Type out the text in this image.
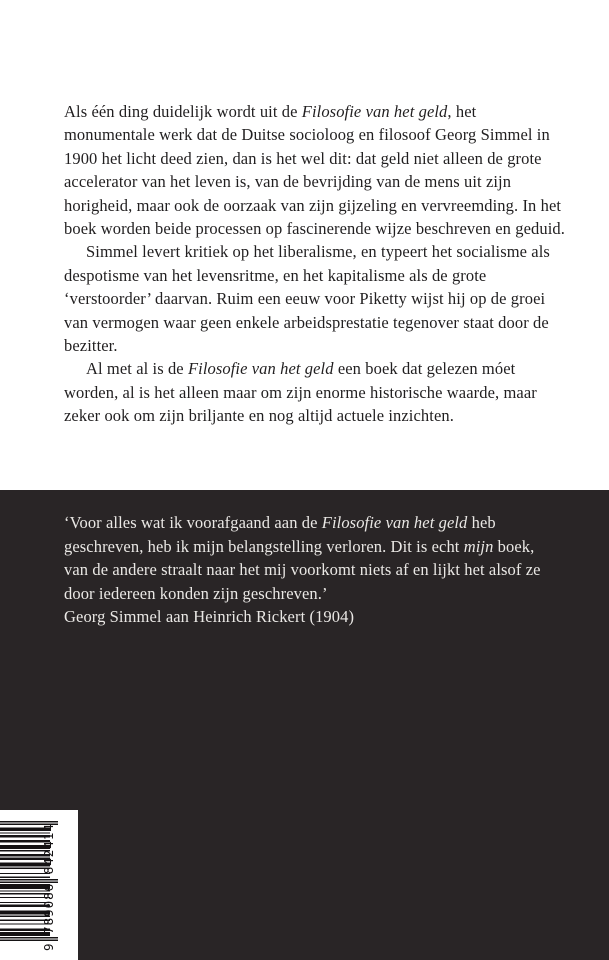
Als één ding duidelijk wordt uit de Filosofie van het geld, het monumentale werk dat de Duitse socioloog en filosoof Georg Simmel in 1900 het licht deed zien, dan is het wel dit: dat geld niet alleen de grote accelerator van het leven is, van de bevrijding van de mens uit zijn horigheid, maar ook de oorzaak van zijn gijzeling en vervreemding. In het boek worden beide processen op fascinerende wijze beschreven en geduid.

Simmel levert kritiek op het liberalisme, en typeert het socialisme als despotisme van het levensritme, en het kapitalisme als de grote ‘verstoorder’ daarvan. Ruim een eeuw voor Piketty wijst hij op de groei van vermogen waar geen enkele arbeidsprestatie tegenover staat door de bezitter.

Al met al is de Filosofie van het geld een boek dat gelezen móet worden, al is het alleen maar om zijn enorme historische waarde, maar zeker ook om zijn briljante en nog altijd actuele inzichten.

‘Voor alles wat ik voorafgaand aan de Filosofie van het geld heb geschreven, heb ik mijn belangstelling verloren. Dit is echt mijn boek, van de andere straalt naar het mij voorkomt niets af en lijkt het alsof ze door iedereen konden zijn geschreven.’

Georg Simmel aan Heinrich Rickert (1904)

9 789086 842414
